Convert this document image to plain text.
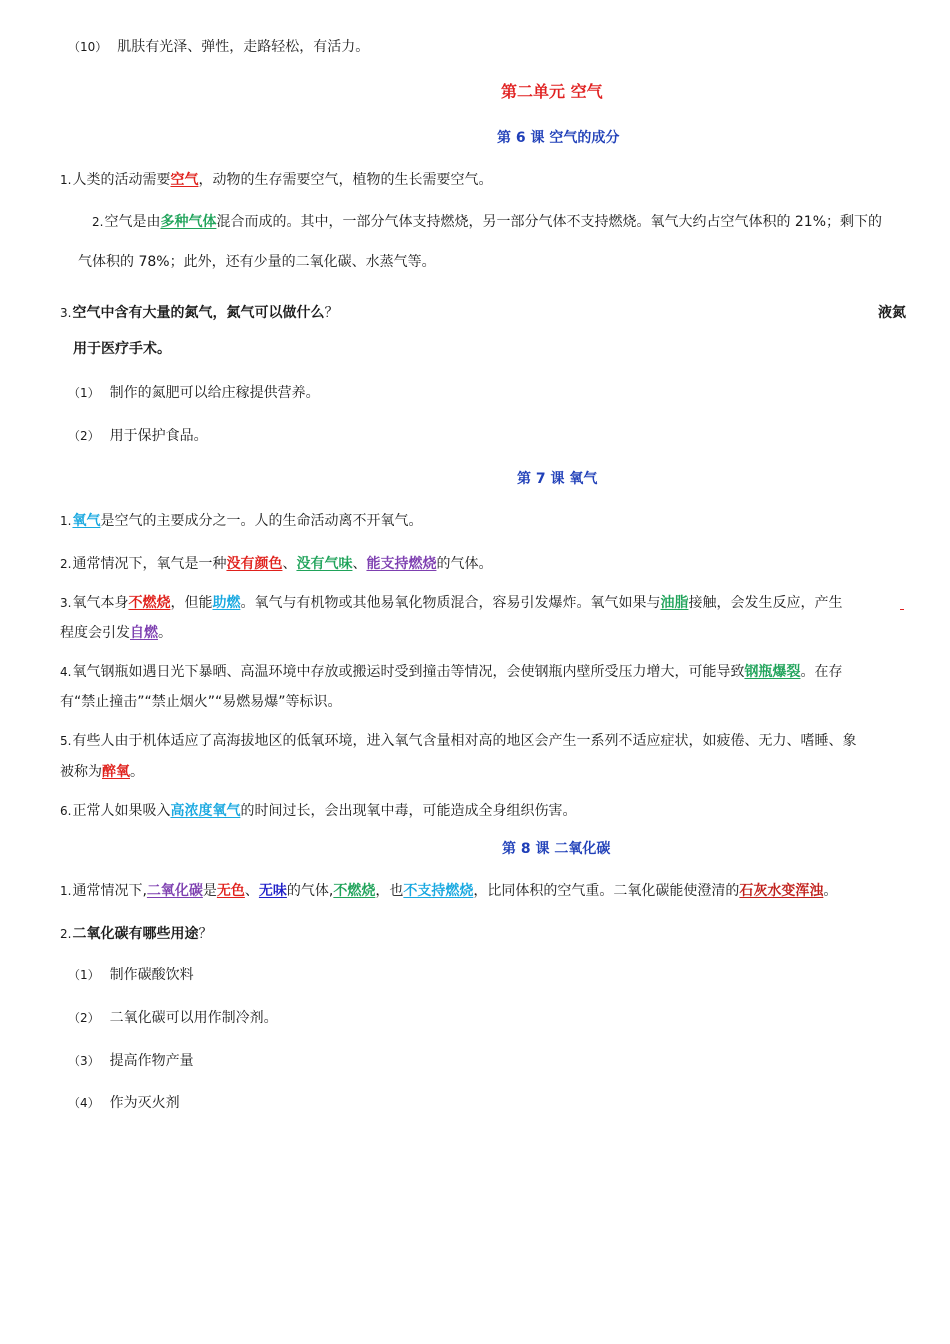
（10） 肌肤有光泽、弹性，走路轻松，有活力。
第二单元 空气
第 6 课 空气的成分
1.人类的活动需要空气，动物的生存需要空气，植物的生长需要空气。
2.空气是由多种气体混合而成的。其中，一部分气体支持燃烧，另一部分气体不支持燃烧。氧气大约占空气体积的 21%；剩下的
气体积的 78%；此外，还有少量的二氧化碳、水蒸气等。
3.空气中含有大量的氮气，氮气可以做什么？	液氮
用于医疗手术。
（1） 制作的氮肥可以给庄稼提供营养。
（2） 用于保护食品。
第 7 课 氧气
1.氧气是空气的主要成分之一。人的生命活动离不开氧气。
2.通常情况下，氧气是一种没有颜色、没有气味、能支持燃烧的气体。
3.氧气本身不燃烧，但能助燃。氧气与有机物或其他易氧化物质混合，容易引发爆炸。氧气如果与油脂接触，会发生反应，产生
程度会引发自燃。
4.氧气钢瓶如遇日光下暴晒、高温环境中存放或搬运时受到撞击等情况，会使钢瓶内壁所受压力增大，可能导致钢瓶爆裂。在存
有“禁止撞击”“禁止烟火”“易燃易爆”等标识。
5.有些人由于机体适应了高海拔地区的低氧环境，进入氧气含量相对高的地区会产生一系列不适应症状，如疲倦、无力、嗜睡、象
被称为醉氧。
6.正常人如果吸入高浓度氧气的时间过长，会出现氧中毒，可能造成全身组织伤害。
第 8 课 二氧化碳
1.通常情况下,二氧化碳是无色、无味的气体,不燃烧，也不支持燃烧，比同体积的空气重。二氧化碳能使澄清的石灰水变浑浊。
2.二氧化碳有哪些用途？
（1） 制作碳酸饮料
（2） 二氧化碳可以用作制冷剂。
（3） 提高作物产量
（4） 作为灭火剂
